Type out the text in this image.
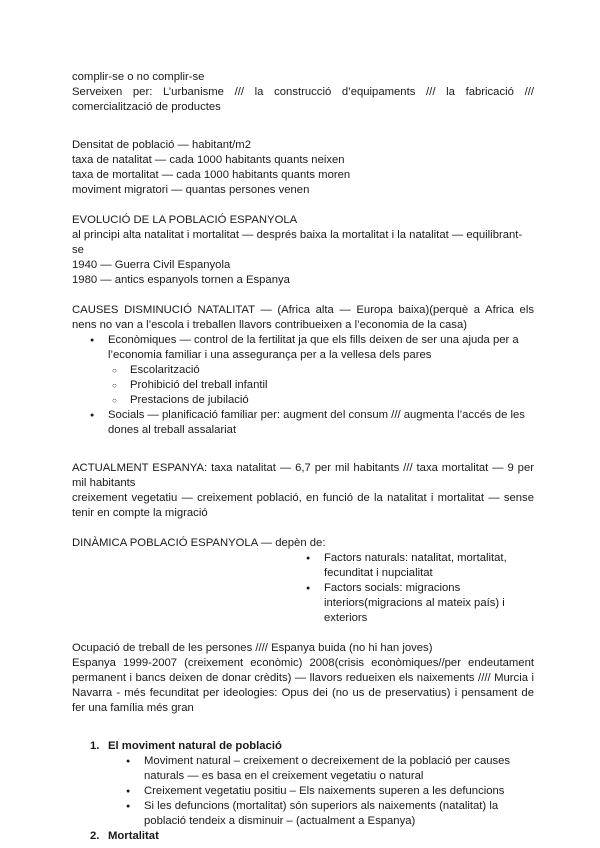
complir-se o no complir-se

Serveixen per: L’urbanisme /// la construcció d’equipaments /// la fabricació ///

comercialització de productes

Densitat de població — habitant/m2

taxa de natalitat — cada 1000 habitants quants neixen

taxa de mortalitat — cada 1000 habitants quants moren

moviment migratori — quantas persones venen

EVOLUCIÓ DE LA POBLACIÓ ESPANYOLA

al principi alta natalitat i mortalitat — després baixa la mortalitat i la natalitat — equilibrant-se

1940 — Guerra Civil Espanyola

1980 — antics espanyols tornen a Espanya

CAUSES DISMINUCIÓ NATALITAT — (Africa alta — Europa baixa)(perquè a Africa els

nens no van a l’escola i treballen llavors contribueixen a l’economia de la casa)

● Econòmiques — control de la fertilitat ja que els fills deixen de ser una ajuda per a
l’economia familiar i una assegurança per a la vellesa dels pares
○ Escolarització
○ Prohibició del treball infantil
○ Prestacions de jubilació
● Socials — planificació familiar per: augment del consum /// augmenta l’accés de les
dones al treball assalariat

ACTUALMENT ESPANYA: taxa natalitat — 6,7 per mil habitants /// taxa mortalitat — 9 per

mil habitants

creixement vegetatiu — creixement població, en funció de la natalitat i mortalitat — sense

tenir en compte la migració

DINÀMICA POBLACIÓ ESPANYOLA — depèn de:

● Factors naturals: natalitat, mortalitat,
fecunditat i nupcialitat
● Factors socials: migracions
interiors(migracions al mateix país) i
exteriors

Ocupació de treball de les persones //// Espanya buida (no hi han joves)

Espanya 1999-2007 (creixement econòmic) 2008(crisis econòmiques//per endeutament

permanent i bancs deixen de donar crèdits) — llavors redueixen els naixements //// Murcia i

Navarra - més fecunditat per ideologies: Opus dei (no us de preservatius) i pensament de

fer una família més gran

1. El moviment natural de població
● Moviment natural – creixement o decreixement de la població per causes
naturals — es basa en el creixement vegetatiu o natural
● Creixement vegetatiu positiu – Els naixements superen a les defuncions
● Si les defuncions (mortalitat) són superiors als naixements (natalitat) la
població tendeix a disminuir – (actualment a Espanya)
2. Mortalitat
